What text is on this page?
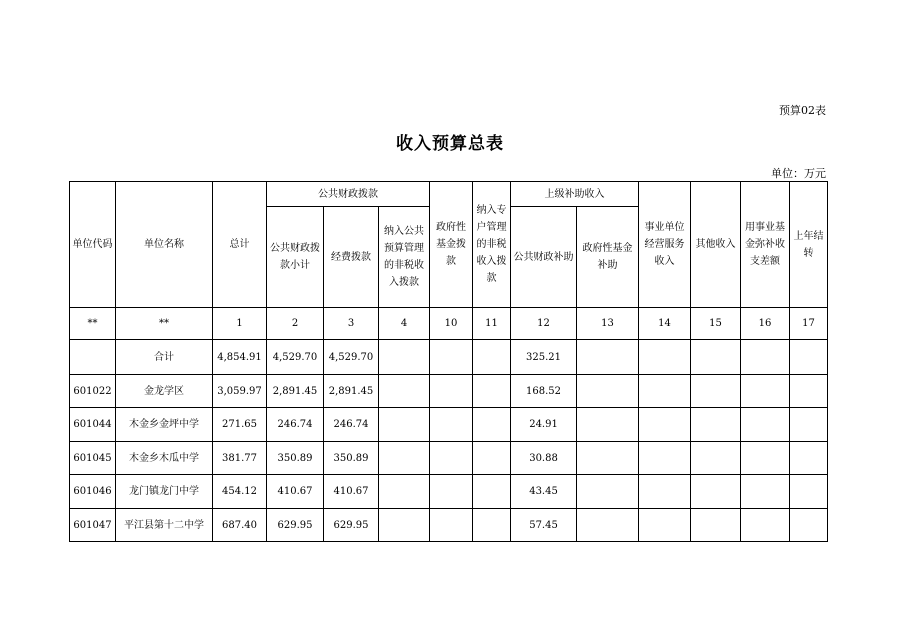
预算02表
收入预算总表
单位：万元
单位代码	单位名称	总计	公共财政拨款			政府性基金拨款	纳入专户管理的非税收入拨款	上级补助收入		事业单位经营服务收入	其他收入	用事业基金弥补收支差额	上年结转
			公共财政拨款小计	经费拨款	纳入公共预算管理的非税收入拨款			公共财政补助	政府性基金补助				
**	**	1	2	3	4	10	11	12	13	14	15	16	17
	合计	4,854.91	4,529.70	4,529.70				325.21					
601022	金龙学区	3,059.97	2,891.45	2,891.45				168.52					
601044	木金乡金坪中学	271.65	246.74	246.74				24.91					
601045	木金乡木瓜中学	381.77	350.89	350.89				30.88					
601046	龙门镇龙门中学	454.12	410.67	410.67				43.45					
601047	平江县第十二中学	687.40	629.95	629.95				57.45					
